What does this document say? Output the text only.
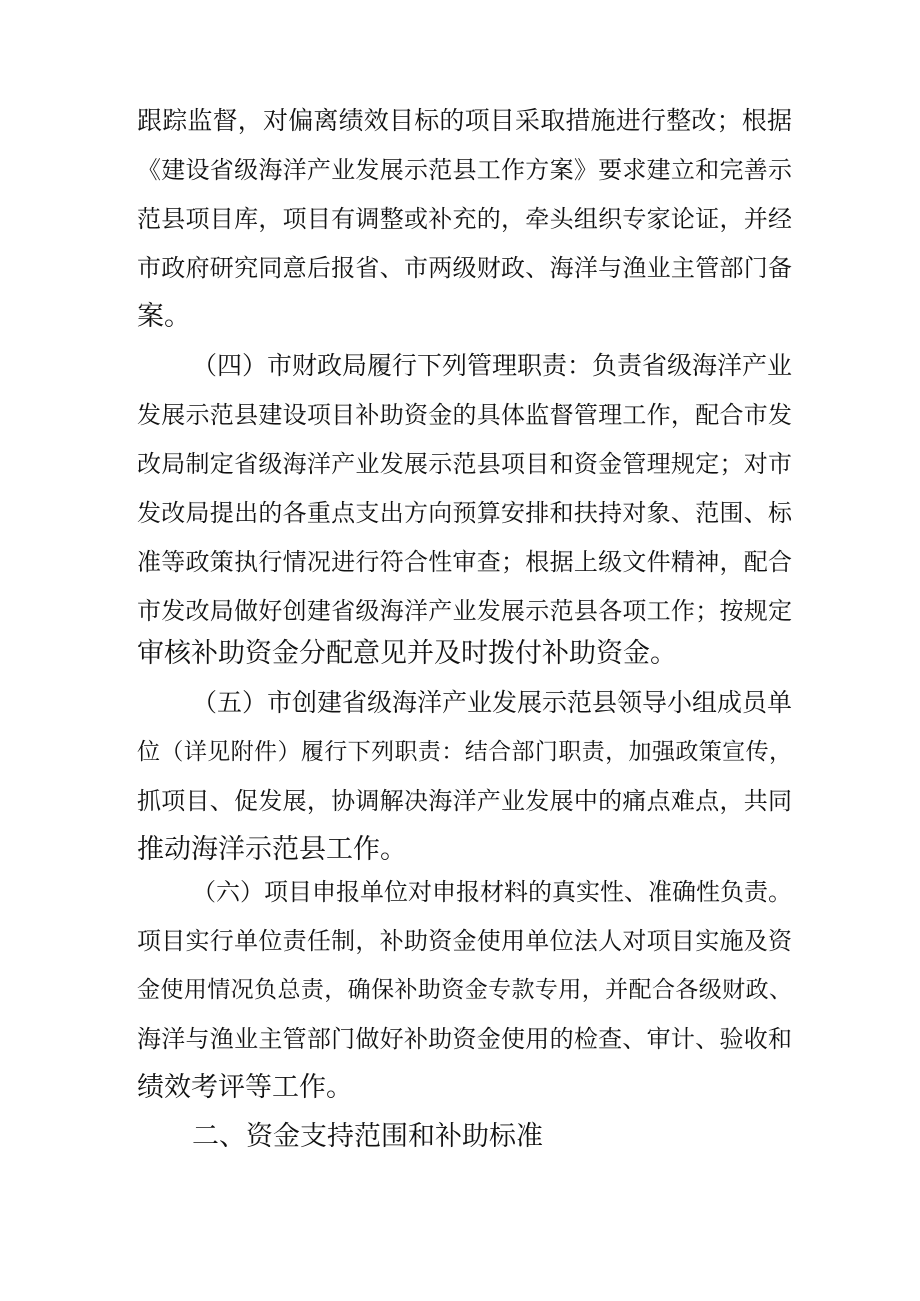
跟踪监督，对偏离绩效目标的项目采取措施进行整改；根据
《建设省级海洋产业发展示范县工作方案》要求建立和完善示
范县项目库，项目有调整或补充的，牵头组织专家论证，并经
市政府研究同意后报省、市两级财政、海洋与渔业主管部门备
案。
（四）市财政局履行下列管理职责：负责省级海洋产业
发展示范县建设项目补助资金的具体监督管理工作，配合市发
改局制定省级海洋产业发展示范县项目和资金管理规定；对市
发改局提出的各重点支出方向预算安排和扶持对象、范围、标
准等政策执行情况进行符合性审查；根据上级文件精神，配合
市发改局做好创建省级海洋产业发展示范县各项工作；按规定
审核补助资金分配意见并及时拨付补助资金。
（五）市创建省级海洋产业发展示范县领导小组成员单
位（详见附件）履行下列职责：结合部门职责，加强政策宣传，
抓项目、促发展，协调解决海洋产业发展中的痛点难点，共同
推动海洋示范县工作。
（六）项目申报单位对申报材料的真实性、准确性负责。
项目实行单位责任制，补助资金使用单位法人对项目实施及资
金使用情况负总责，确保补助资金专款专用，并配合各级财政、
海洋与渔业主管部门做好补助资金使用的检查、审计、验收和
绩效考评等工作。
二、资金支持范围和补助标准
